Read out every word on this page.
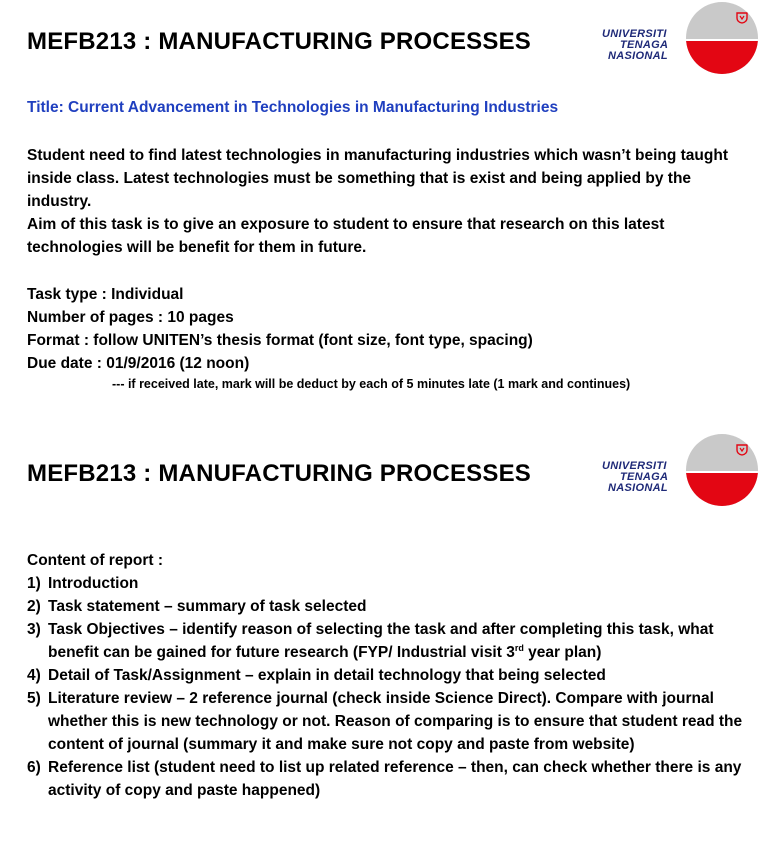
MEFB213 : MANUFACTURING PROCESSES	UNIVERSITI
TENAGA
NASIONAL

Title: Current Advancement in Technologies in Manufacturing Industries

Student need to find latest technologies in manufacturing industries which wasn’t being taught inside class. Latest technologies must be something that is exist and being applied by the industry.

Aim of this task is to give an exposure to student to ensure that research on this latest technologies will be benefit for them in future.

Task type : Individual
Number of pages : 10 pages
Format : follow UNITEN’s thesis format (font size, font type, spacing)
Due date : 01/9/2016 (12 noon)
--- if received late, mark will be deduct by each of 5 minutes late (1 mark and continues)
MEFB213 : MANUFACTURING PROCESSES	UNIVERSITI
TENAGA
NASIONAL

Content of report :

1) Introduction
2) Task statement – summary of task selected
3) Task Objectives – identify reason of selecting the task and after completing this task, what benefit can be gained for future research (FYP/ Industrial visit 3rd year plan)
4) Detail of Task/Assignment – explain in detail technology that being selected
5) Literature review – 2 reference journal (check inside Science Direct). Compare with journal whether this is new technology or not. Reason of comparing is to ensure that student read the content of journal (summary it and make sure not copy and paste from website)
6) Reference list (student need to list up related reference – then, can check whether there is any activity of copy and paste happened)
